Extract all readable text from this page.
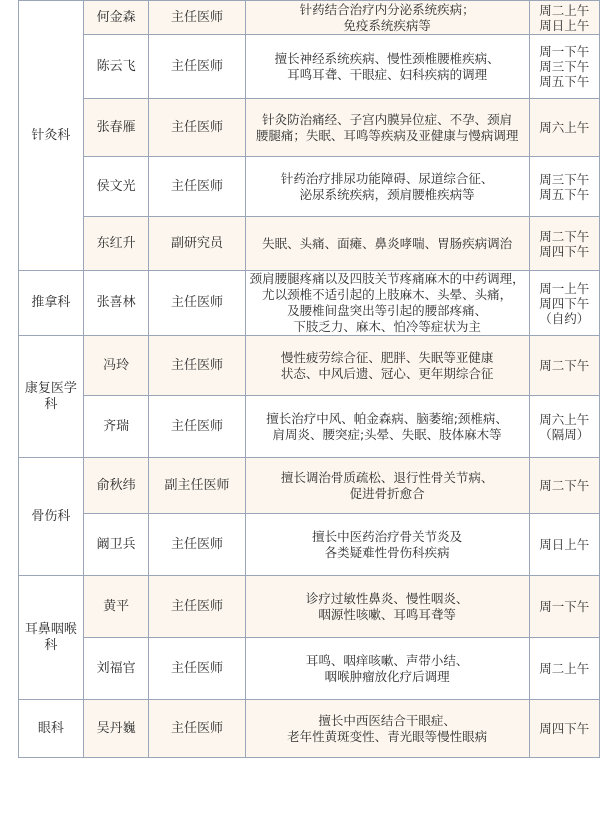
针灸科	何金森	主任医师	针药结合治疗内分泌系统疾病；
免疫系统疾病等	周二上午
周日上午

	陈云飞	主任医师	擅长神经系统疾病、慢性颈椎腰椎疾病、
耳鸣耳聋、干眼症、妇科疾病的调理	周一下午
周三下午
周五下午

	张春雁	主任医师	针灸防治痛经、子宫内膜异位症、不孕、颈肩
腰腿痛；失眠、耳鸣等疾病及亚健康与慢病调理	周六上午

	侯文光	主任医师	针药治疗排尿功能障碍、尿道综合征、
泌尿系统疾病，颈肩腰椎疾病等	周三下午
周五下午

	东红升	副研究员	失眠、头痛、面瘫、鼻炎哮喘、胃肠疾病调治	周二下午
周四下午

推拿科	张喜林	主任医师	颈肩腰腿疼痛以及四肢关节疼痛麻木的中药调理，
尤以颈椎不适引起的上肢麻木、头晕、头痛，
及腰椎间盘突出等引起的腰部疼痛、
下肢乏力、麻木、怕冷等症状为主	周一上午
周四下午
（自约）

康复医学科	冯玲	主任医师	慢性疲劳综合征、肥胖、失眠等亚健康
状态、中风后遗、冠心、更年期综合征	周二下午

	齐瑞	主任医师	擅长治疗中风、帕金森病、脑萎缩;颈椎病、
肩周炎、腰突症;头晕、失眠、肢体麻木等	周六上午
（隔周）

骨伤科	俞秋纬	副主任医师	擅长调治骨质疏松、退行性骨关节病、
促进骨折愈合	周二下午

	阚卫兵	主任医师	擅长中医药治疗骨关节炎及
各类疑难性骨伤科疾病	周日上午

耳鼻咽喉科	黄平	主任医师	诊疗过敏性鼻炎、慢性咽炎、
咽源性咳嗽、耳鸣耳聋等	周一下午

	刘福官	主任医师	耳鸣、咽痒咳嗽、声带小结、
咽喉肿瘤放化疗后调理	周二上午

眼科	吴丹巍	主任医师	擅长中西医结合干眼症、
老年性黄斑变性、青光眼等慢性眼病	周四下午
